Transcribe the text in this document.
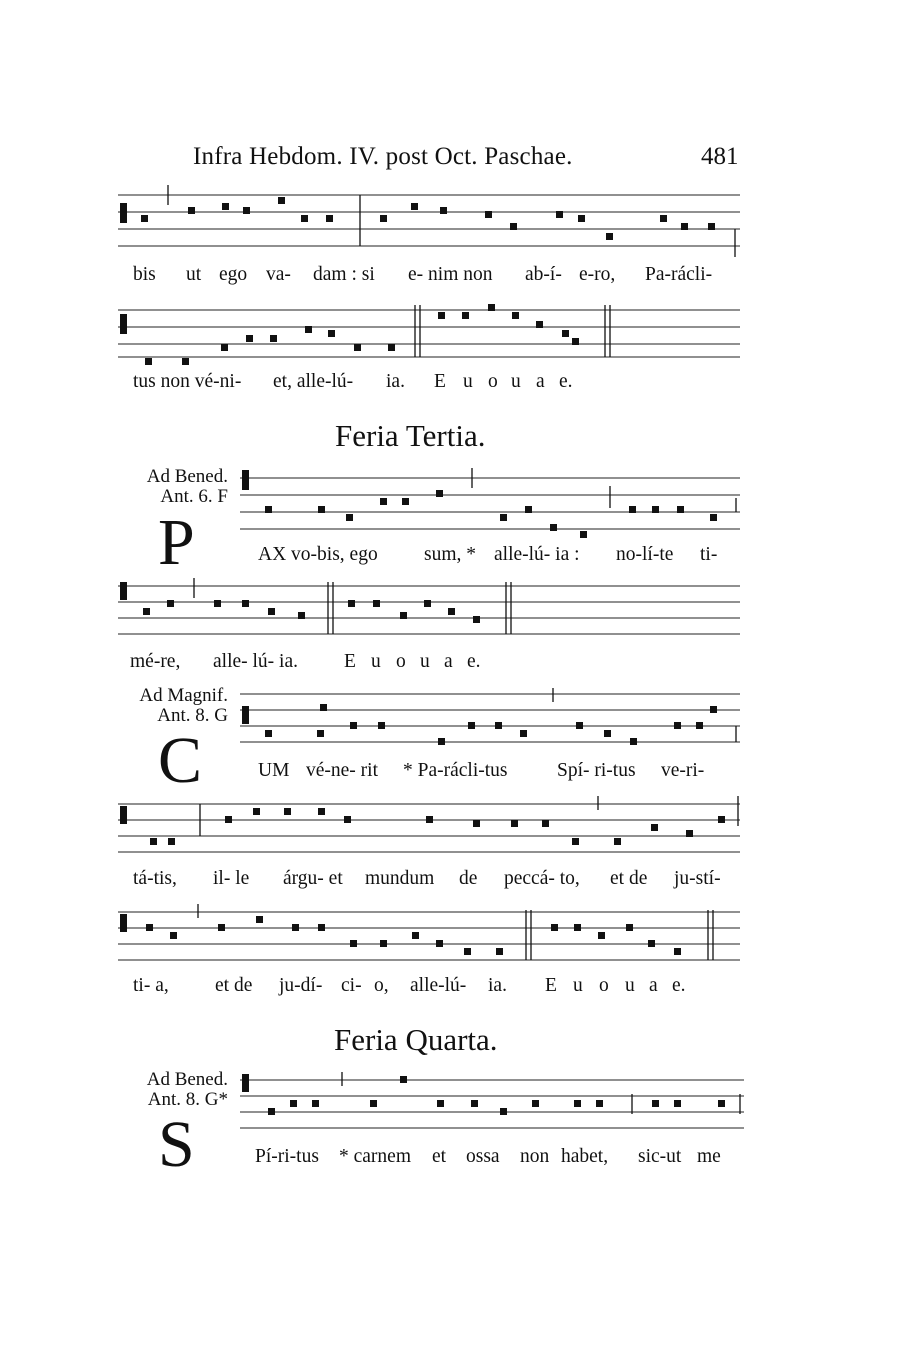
Infra Hebdom. IV. post Oct. Paschae.	481
bis ut ego va- dam : si e- nim non ab-í- e-ro, Pa-rácli-
tus non vé-ni- et, alle-lú- ia. E u o u a e.
Feria Tertia.
Ad Bened.
Ant. 6. F
P	AX vo-bis, ego sum, * alle-lú- ia : no-lí-te ti-
mé-re, alle- lú- ia. E u o u a e.
Ad Magnif.
Ant. 8. G
C	UM vé-ne- rit * Pa-rácli-tus	Spí- ri-tus ve-ri-
tá-tis, il- le árgu- et mundum de peccá- to, et de ju-stí-
ti- a, et de ju-dí- ci- o, alle-lú- ia. E u o u a e.
Feria Quarta.
Ad Bened.
Ant. 8. G*
S	Pí-ri-tus * carnem et ossa non habet, sic-ut me
